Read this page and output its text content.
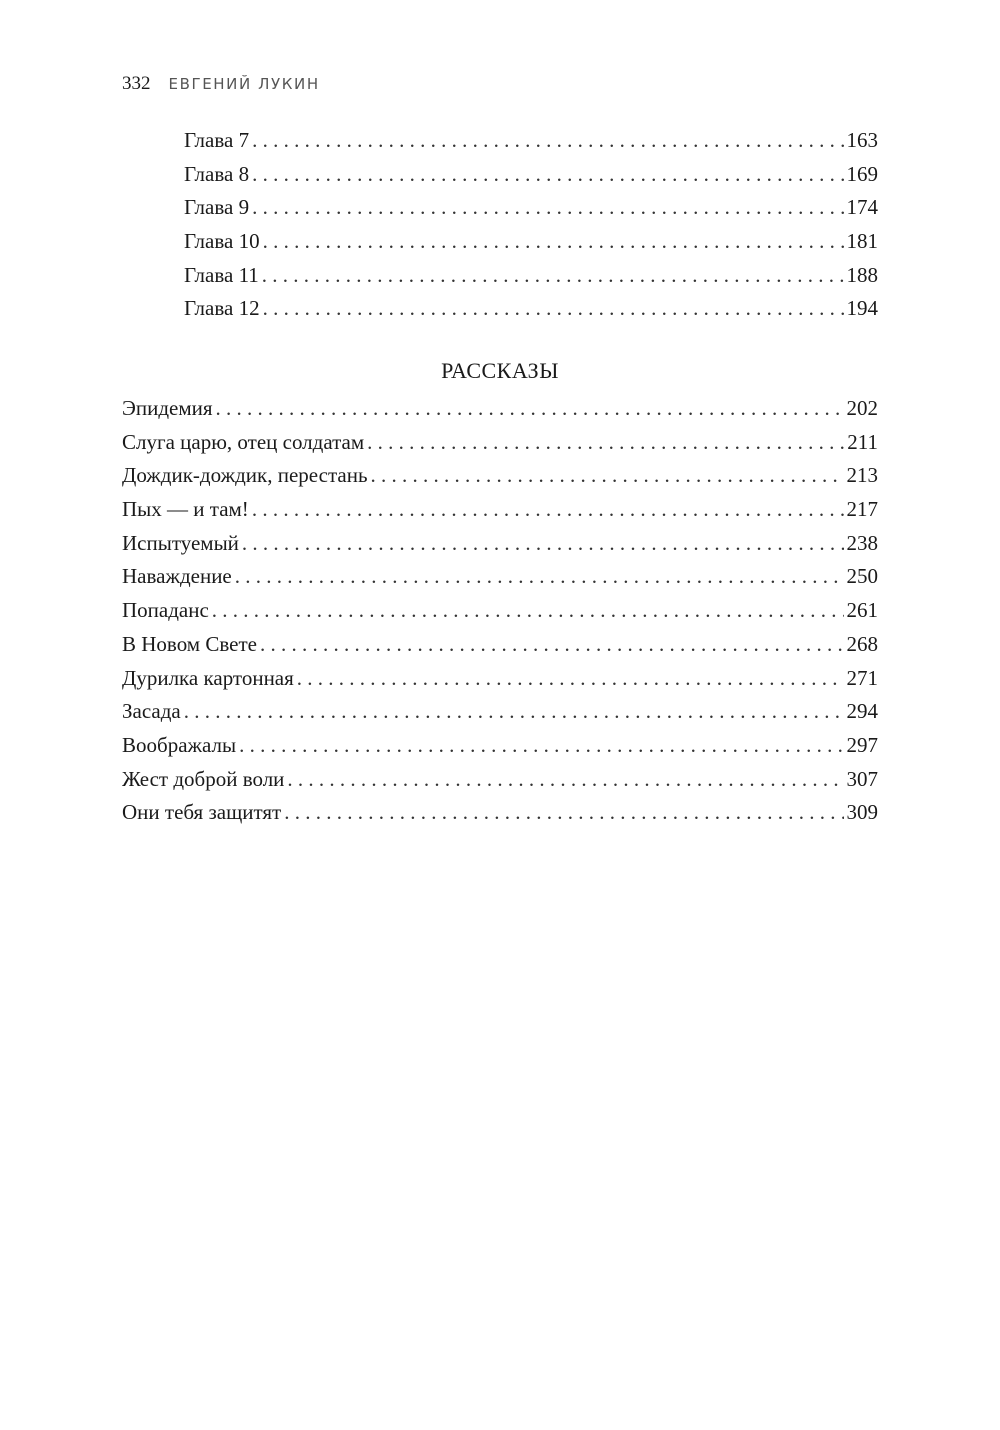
332 ЕВГЕНИЙ ЛУКИН
Глава 7 . . .	163
Глава 8 . . .	169
Глава 9 . . .	174
Глава 10 . . .	181
Глава 11 . . .	188
Глава 12 . . .	194
РАССКАЗЫ
Эпидемия . . .	202
Слуга царю, отец солдатам . . .	211
Дождик-дождик, перестань . . .	213
Пых — и там! . . .	217
Испытуемый . . .	238
Наваждение . . .	250
Попаданс . . .	261
В Новом Свете . . .	268
Дурилка картонная . . .	271
Засада . . .	294
Воображалы . . .	297
Жест доброй воли . . .	307
Они тебя защитят . . .	309
